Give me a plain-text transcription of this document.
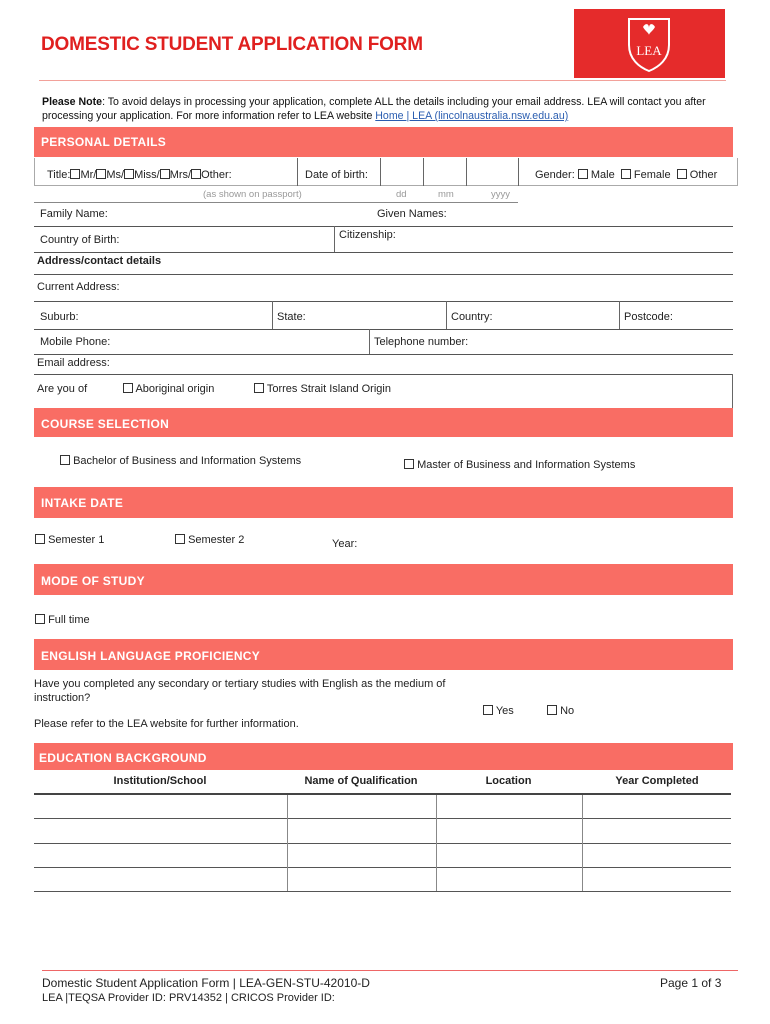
DOMESTIC STUDENT APPLICATION FORM	LEA
Please Note: To avoid delays in processing your application, complete ALL the details including your email address. LEA will contact you after processing your application. For more information refer to LEA website Home | LEA (lincolnaustralia.nsw.edu.au)
PERSONAL DETAILS
Title: Mr/ Ms/ Miss/ Mrs/ Other:	Date of birth:	Gender: Male Female Other
(as shown on passport)	dd	mm	yyyy
Family Name:	Given Names:
Country of Birth:	Citizenship:
Address/contact details
Current Address:
Suburb:	State:	Country:	Postcode:
Mobile Phone:	Telephone number:
Email address:
Are you of	Aboriginal origin	Torres Strait Island Origin
COURSE SELECTION
Bachelor of Business and Information Systems	Master of Business and Information Systems
INTAKE DATE
Semester 1	Semester 2	Year:
MODE OF STUDY
Full time
ENGLISH LANGUAGE PROFICIENCY
Have you completed any secondary or tertiary studies with English as the medium of instruction?
Yes	No
Please refer to the LEA website for further information.
EDUCATION BACKGROUND
Institution/School	Name of Qualification	Location	Year Completed
Domestic Student Application Form | LEA-GEN-STU-42010-D
LEA |TEQSA Provider ID: PRV14352 | CRICOS Provider ID:
Page 1 of 3
